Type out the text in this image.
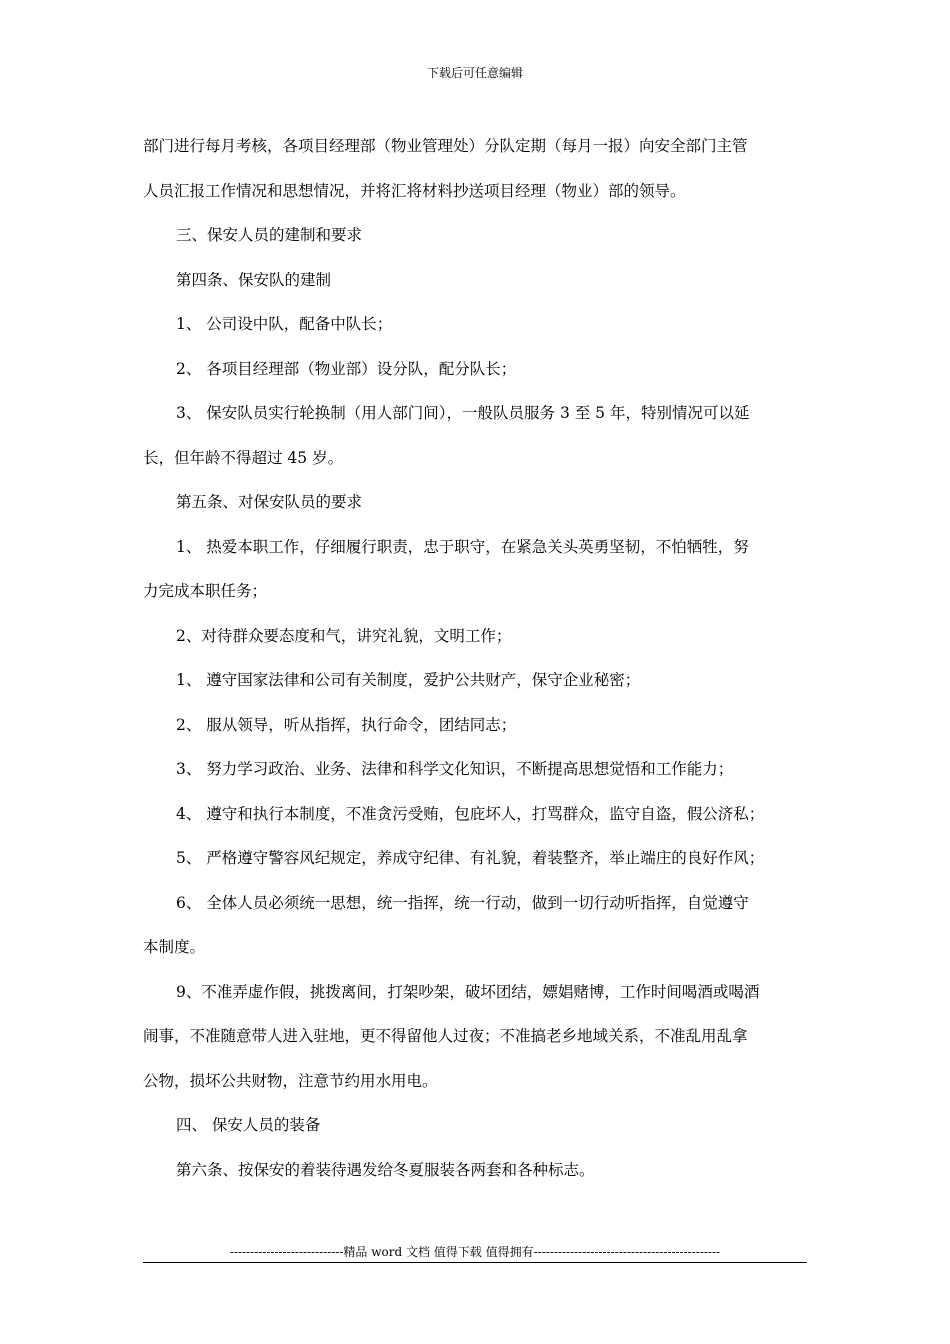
下载后可任意编辑

部门进行每月考核，各项目经理部（物业管理处）分队定期（每月一报）向安全部门主管

人员汇报工作情况和思想情况，并将汇将材料抄送项目经理（物业）部的领导。

三、保安人员的建制和要求

第四条、保安队的建制

1、 公司设中队，配备中队长；

2、 各项目经理部（物业部）设分队，配分队长；

3、 保安队员实行轮换制（用人部门间），一般队员服务 3 至 5 年，特别情况可以延

长，但年龄不得超过 45 岁。

第五条、对保安队员的要求

1、 热爱本职工作，仔细履行职责，忠于职守，在紧急关头英勇坚韧，不怕牺牲，努

力完成本职任务；

2、对待群众要态度和气，讲究礼貌，文明工作；

1、 遵守国家法律和公司有关制度，爱护公共财产，保守企业秘密；

2、 服从领导，听从指挥，执行命令，团结同志；

3、 努力学习政治、业务、法律和科学文化知识，不断提高思想觉悟和工作能力；

4、 遵守和执行本制度，不准贪污受贿，包庇坏人，打骂群众，监守自盗，假公济私；

5、 严格遵守警容风纪规定，养成守纪律、有礼貌，着装整齐，举止端庄的良好作风；

6、 全体人员必须统一思想，统一指挥，统一行动，做到一切行动听指挥，自觉遵守

本制度。

9、不准弄虚作假，挑拨离间，打架吵架，破坏团结，嫖娼赌博，工作时间喝酒或喝酒

闹事，不准随意带人进入驻地，更不得留他人过夜；不准搞老乡地域关系，不准乱用乱拿

公物，损坏公共财物，注意节约用水用电。

四、 保安人员的装备

第六条、按保安的着装待遇发给冬夏服装各两套和各种标志。

----------------------------精品 word 文档 值得下载 值得拥有----------------------------------------------
